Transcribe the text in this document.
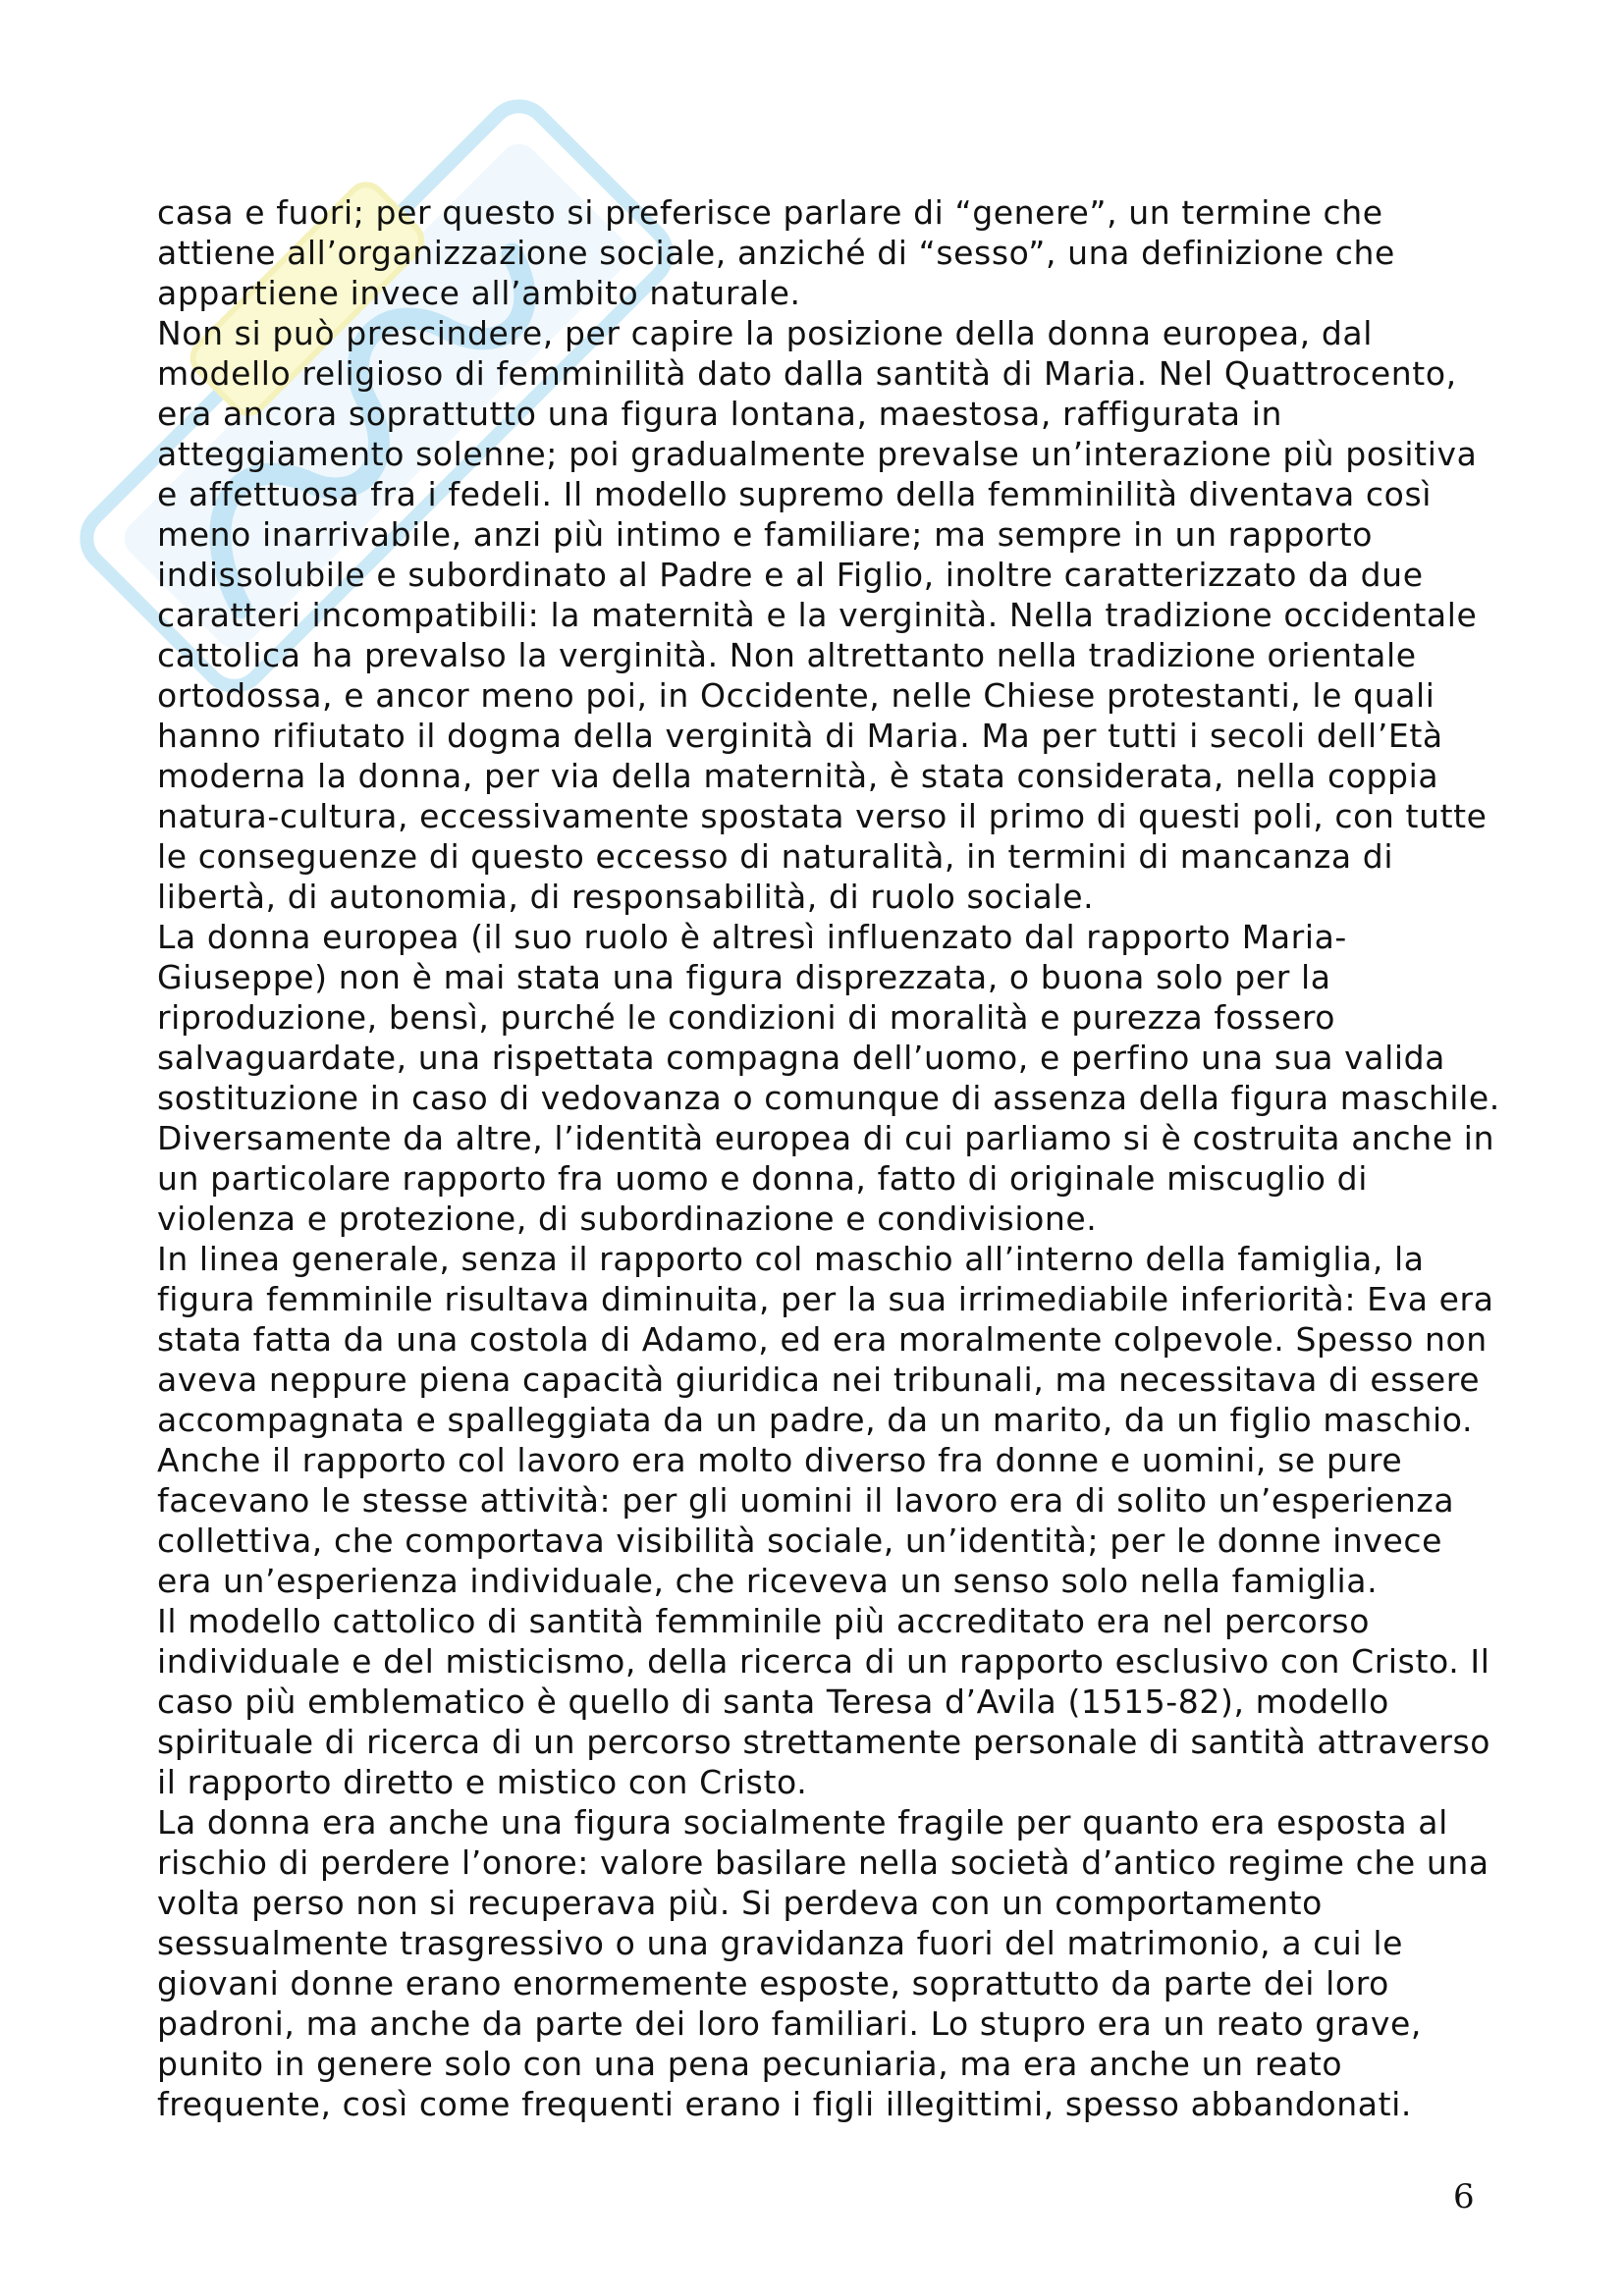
casa e fuori; per questo si preferisce parlare di “genere”, un termine che
attiene all’organizzazione sociale, anziché di “sesso”, una definizione che
appartiene invece all’ambito naturale.

Non si può prescindere, per capire la posizione della donna europea, dal
modello religioso di femminilità dato dalla santità di Maria. Nel Quattrocento,
era ancora soprattutto una figura lontana, maestosa, raffigurata in
atteggiamento solenne; poi gradualmente prevalse un’interazione più positiva
e affettuosa fra i fedeli. Il modello supremo della femminilità diventava così
meno inarrivabile, anzi più intimo e familiare; ma sempre in un rapporto
indissolubile e subordinato al Padre e al Figlio, inoltre caratterizzato da due
caratteri incompatibili: la maternità e la verginità. Nella tradizione occidentale
cattolica ha prevalso la verginità. Non altrettanto nella tradizione orientale
ortodossa, e ancor meno poi, in Occidente, nelle Chiese protestanti, le quali
hanno rifiutato il dogma della verginità di Maria. Ma per tutti i secoli dell’Età
moderna la donna, per via della maternità, è stata considerata, nella coppia
natura-cultura, eccessivamente spostata verso il primo di questi poli, con tutte
le conseguenze di questo eccesso di naturalità, in termini di mancanza di
libertà, di autonomia, di responsabilità, di ruolo sociale.

La donna europea (il suo ruolo è altresì influenzato dal rapporto Maria-
Giuseppe) non è mai stata una figura disprezzata, o buona solo per la
riproduzione, bensì, purché le condizioni di moralità e purezza fossero
salvaguardate, una rispettata compagna dell’uomo, e perfino una sua valida
sostituzione in caso di vedovanza o comunque di assenza della figura maschile.
Diversamente da altre, l’identità europea di cui parliamo si è costruita anche in
un particolare rapporto fra uomo e donna, fatto di originale miscuglio di
violenza e protezione, di subordinazione e condivisione.

In linea generale, senza il rapporto col maschio all’interno della famiglia, la
figura femminile risultava diminuita, per la sua irrimediabile inferiorità: Eva era
stata fatta da una costola di Adamo, ed era moralmente colpevole. Spesso non
aveva neppure piena capacità giuridica nei tribunali, ma necessitava di essere
accompagnata e spalleggiata da un padre, da un marito, da un figlio maschio.

Anche il rapporto col lavoro era molto diverso fra donne e uomini, se pure
facevano le stesse attività: per gli uomini il lavoro era di solito un’esperienza
collettiva, che comportava visibilità sociale, un’identità; per le donne invece
era un’esperienza individuale, che riceveva un senso solo nella famiglia.

Il modello cattolico di santità femminile più accreditato era nel percorso
individuale e del misticismo, della ricerca di un rapporto esclusivo con Cristo. Il
caso più emblematico è quello di santa Teresa d’Avila (1515-82), modello
spirituale di ricerca di un percorso strettamente personale di santità attraverso
il rapporto diretto e mistico con Cristo.

La donna era anche una figura socialmente fragile per quanto era esposta al
rischio di perdere l’onore: valore basilare nella società d’antico regime che una
volta perso non si recuperava più. Si perdeva con un comportamento
sessualmente trasgressivo o una gravidanza fuori del matrimonio, a cui le
giovani donne erano enormemente esposte, soprattutto da parte dei loro
padroni, ma anche da parte dei loro familiari. Lo stupro era un reato grave,
punito in genere solo con una pena pecuniaria, ma era anche un reato
frequente, così come frequenti erano i figli illegittimi, spesso abbandonati.

6
